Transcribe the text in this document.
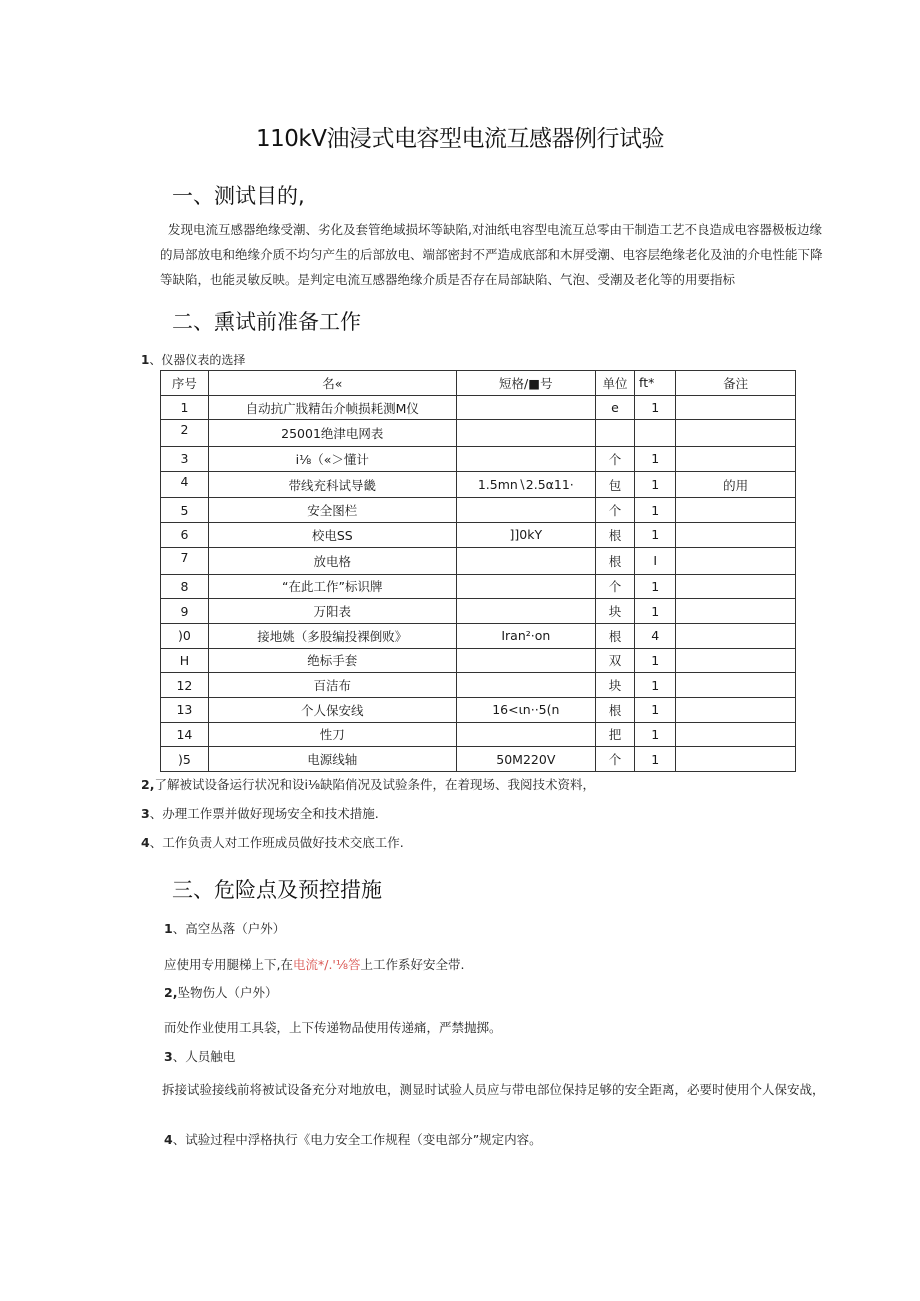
110kV油浸式电容型电流互感器例行试验
一、测试目的,
发现电流互感器绝缘受潮、劣化及套管绝域损坏等缺陷,对油纸电容型电流互总零由干制造工艺不良造成电容器极板边缘的局部放电和绝缘介质不均匀产生的后部放电、端部密封不严造成底部和木屏受潮、电容层绝缘老化及油的介电性能下降等缺陷，也能灵敏反映。是判定电流互感器绝缘介质是否存在局部缺陷、气泡、受潮及老化等的用要指标
二、熏试前准备工作
1、仪器仪表的选择
序号	名«	短格/■号	单位	ft*	备注
1	自动抗广戕精缶介帧损耗测M仪		e	1	
2	25001绝津电网表				
3	i⅛（«＞懂计		个	1	
4	带线充科试导畿	1.5mn∖2.5α11·	包	1	的用
5	安全图栏		个	1	
6	校电SS	]]0kY	根	1	
7	放电格		根	I	
8	“在此工作”标识牌		个	1	
9	万阳表		块	1	
)0	接地姚（多股编投裸倒败》	Iran²·on	根	4	
H	绝标手套		双	1	
12	百洁布		块	1	
13	个人保安线	16<ιn··5(n	根	1	
14	性刀		把	1	
)5	电源线轴	50M220V	个	1	
2,了解被试设备运行状况和设i⅛缺陷俏况及试验条件，在着现场、我阅技术资料，
3、办理工作票并做好现场安全和技术措施.
4、工作负责人对工作班成员做好技术交底工作.
三、危险点及预控措施
1、高空丛落（户外）
应使用专用腿梯上下,在电流*/.'⅛答上工作系好安全带.
2,坠物伤人（户外）
而处作业使用工具袋，上下传递物品使用传递痛，严禁抛掷。
3、人员触电
拆接试验接线前将被试设备充分对地放电，测显时试验人员应与带电部位保持足够的安全距离，必要时使用个人保安战，
4、试验过程中浮格执行《电力安全工作规程（变电部分”规定内容。
